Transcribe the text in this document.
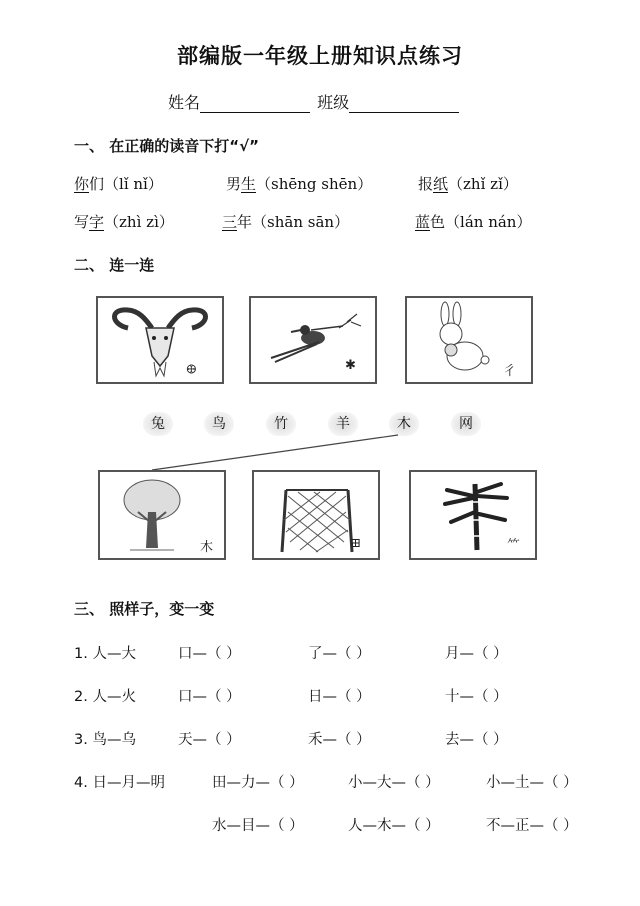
部编版一年级上册知识点练习
姓名	班级
一、 在正确的读音下打“√”
你们（lǐ nǐ）	男生（shēng shēn）	报纸（zhǐ zǐ）
写字（zhì zì）	三年（shān sān）	蓝色（lán nán）
二、 连一连
𐃏	✱	⼻
兔	鸟	竹	羊	木	网
木	⊞	⺮
三、 照样子，变一变
1. 人—大	口—（ ）	了—（ ）	月—（ ）
2. 人—火	口—（ ）	日—（ ）	十—（ ）
3. 鸟—乌	天—（ ）	禾—（ ）	去—（ ）
4. 日—月—明	田—力—（ ）	小—大—（ ）	小—土—（ ）
水—目—（ ）	人—木—（ ）	不—正—（ ）
